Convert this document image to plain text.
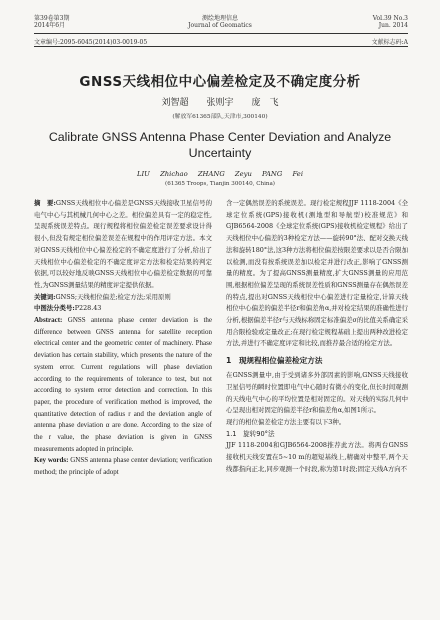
第39卷第3期
2014年6月
测绘地理信息
Journal of Geomatics
Vol.39 No.3
Jun. 2014
文章编号:2095-6045(2014)03-0019-05	文献标志码:A
GNSS天线相位中心偏差检定及不确定度分析
刘智超　　张则宇　　庞　飞
(解放军61365部队,天津市,300140)
Calibrate GNSS Antenna Phase Center Deviation and Analyze
Uncertainty
LIU Zhichao ZHANG Zeyu PANG Fei
(61365 Troops, Tianjin 300140, China)
摘　要:GNSS天线相位中心偏差是GNSS天线接收卫星信号的电气中心与其机械几何中心之差。相位偏差具有一定的稳定性,呈现系统误差特点。现行规程将相位偏差检定误差要求设计得很小,但没有规定相位偏差误差在规程中的作用评定方法。本文对GNSS天线相位中心偏差检定的不确定度进行了分析,给出了天线相位中心偏差检定的不确定度评定方法和检定结果的判定依据,可以较好地反映GNSS天线相位中心偏差检定数据的可靠性,为GNSS测量结果的精度评定提供依据。
关键词:GNSS;天线相位偏差;检定方法;采用原则
中图法分类号:P228.43
Abstract: GNSS antenna phase center deviation is the difference between GNSS antenna for satellite reception electrical center and the geometric center of machinery. Phase deviation has certain stability, which presents the nature of the system error. Current regulations will phase deviation according to the requirements of tolerance to test, but not according to system error detection and correction. In this paper, the procedure of verification method is improved, the quantitative detection of radius r and the deviation angle of antenna phase deviation α are done. According to the size of the r value, the phase deviation is given in GNSS measurements adopted in principle.
Key words: GNSS antenna phase center deviation; verification method; the principle of adopt
含一定偶然误差的系统误差。现行检定规程JJF 1118-2004《全球定位系统(GPS)接收机(测地型和导航型)校准规范》和GJB6564-2008《全球定位系统(GPS)接收机检定规程》给出了天线相位中心偏差的3种检定方法——旋转90°法、配对交换天线法和旋转180°法,这3种方法将相位偏差按限差要求以是否合限加以检测,而没有按系统误差加以检定并进行改正,影响了GNSS测量的精度。为了提高GNSS测量精度,扩大GNSS测量的应用范围,根据相位偏差呈现的系统误差性质和GNSS测量存在偶然误差的特点,提出对GNSS天线相位中心偏差进行定量检定,计算天线相位中心偏差的偏差半径r和偏差角α,并对检定结果的准确性进行分析,根据偏差半径r与天线标称固定标准偏差σ的比值关系确定采用合限检验或定量改正;在现行检定规程基础上提出两种改进检定方法,并进行不确定度评定和比较,而推荐最合适的检定方法。
1　现规程相位偏差检定方法
在GNSS测量中,由于受到诸多外部因素的影响,GNSS天线接收卫星信号的瞬时位置即电气中心随时有微小的变化,但长时间观测的天线电气中心的平均位置是相对固定的。对天线的实际几何中心呈现出相对固定的偏差半径r和偏差角α,如图1所示。
现行的相位偏差检定方法主要有以下3种。
1.1　旋转90°法
JJF 1118-2004和GJB6564-2008推荐此方法。将两台GNSS接收机天线安置在5~10 m的超短基线上,精确对中整平,两个天线都指向正北,同步观测一个时段,称为第1时段;固定天线A方向不
